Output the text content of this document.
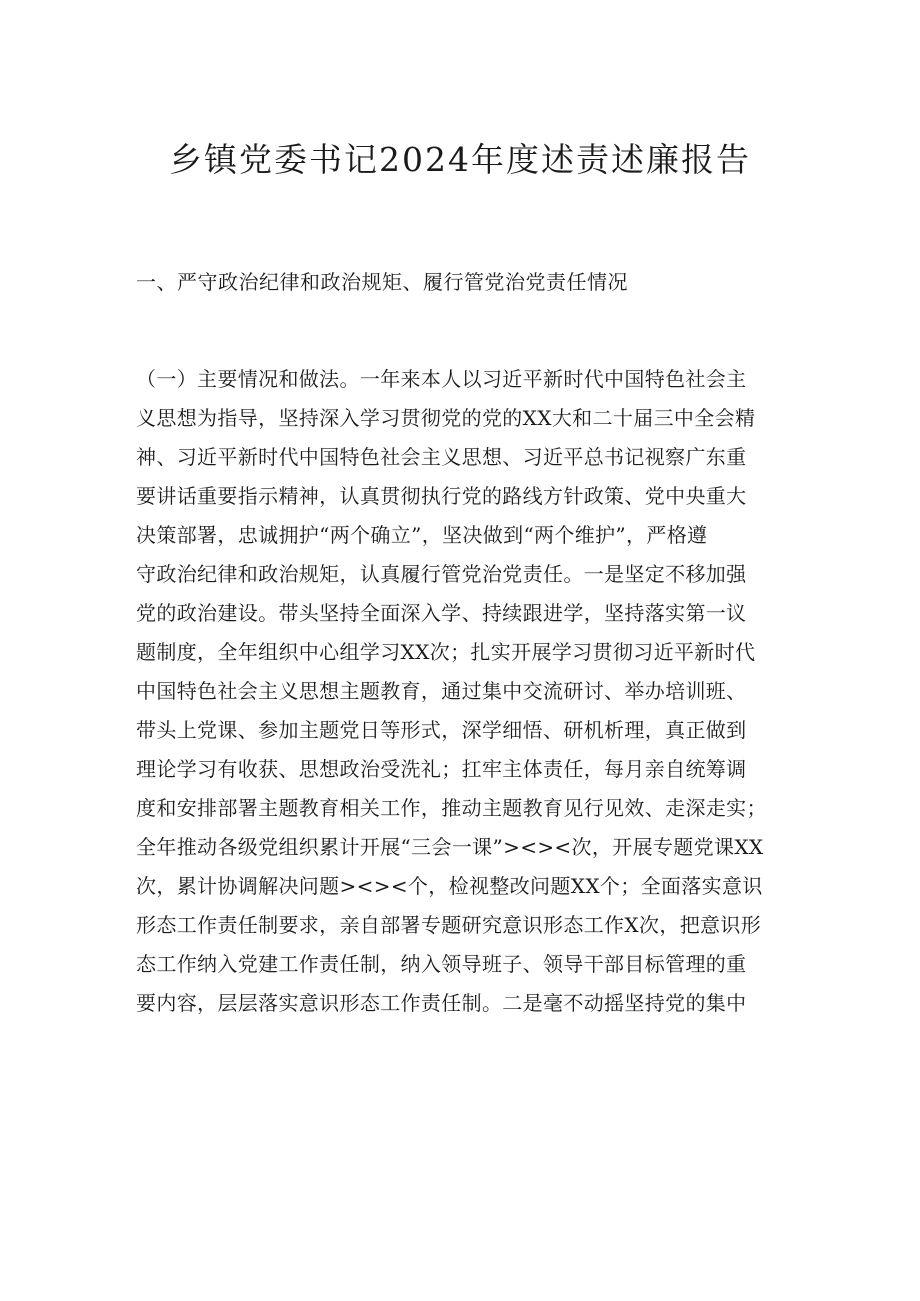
乡镇党委书记2024年度述责述廉报告
一、严守政治纪律和政治规矩、履行管党治党责任情况
（一）主要情况和做法。一年来本人以习近平新时代中国特色社会主
义思想为指导，坚持深入学习贯彻党的党的XX大和二十届三中全会精
神、习近平新时代中国特色社会主义思想、习近平总书记视察广东重
要讲话重要指示精神，认真贯彻执行党的路线方针政策、党中央重大
决策部署，忠诚拥护“两个确立”，坚决做到“两个维护”，严格遵
守政治纪律和政治规矩，认真履行管党治党责任。一是坚定不移加强
党的政治建设。带头坚持全面深入学、持续跟进学，坚持落实第一议
题制度，全年组织中心组学习XX次；扎实开展学习贯彻习近平新时代
中国特色社会主义思想主题教育，通过集中交流研讨、举办培训班、
带头上党课、参加主题党日等形式，深学细悟、研机析理，真正做到
理论学习有收获、思想政治受洗礼；扛牢主体责任，每月亲自统筹调
度和安排部署主题教育相关工作，推动主题教育见行见效、走深走实；
全年推动各级党组织累计开展“三会一课”><><次，开展专题党课XX
次，累计协调解决问题><><个，检视整改问题XX个；全面落实意识
形态工作责任制要求，亲自部署专题研究意识形态工作X次，把意识形
态工作纳入党建工作责任制，纳入领导班子、领导干部目标管理的重
要内容，层层落实意识形态工作责任制。二是毫不动摇坚持党的集中
